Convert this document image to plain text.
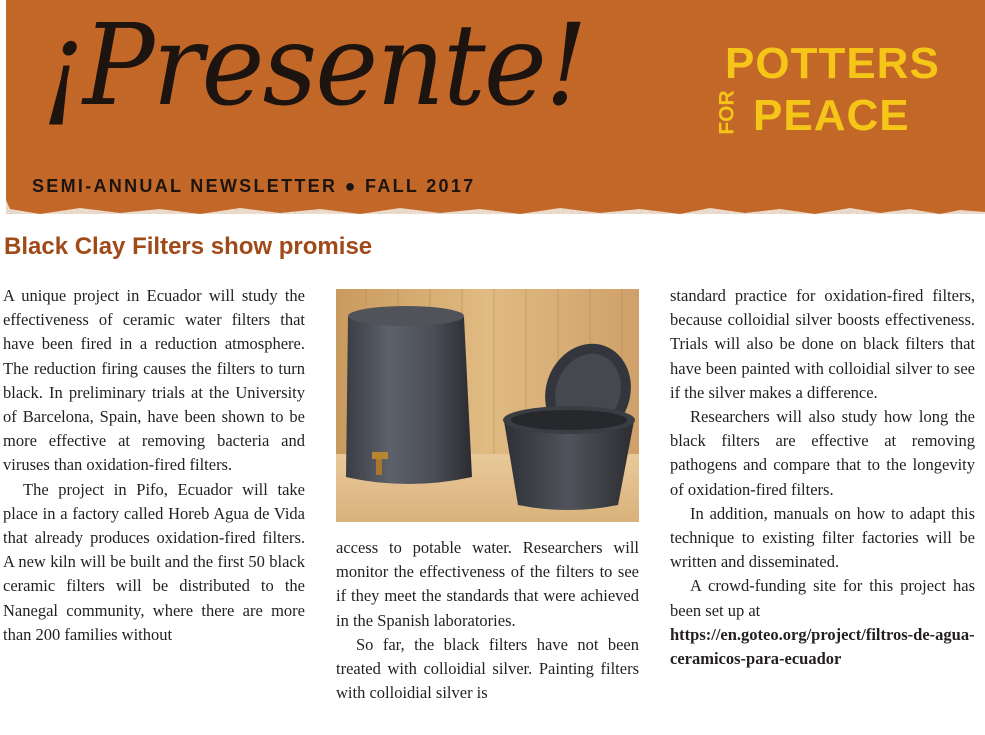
¡Presente!
SEMI-ANNUAL NEWSLETTER ● FALL 2017
POTTERS
FOR PEACE
Black Clay Filters show promise

A unique project in Ecuador will study the effectiveness of ceramic water filters that have been fired in a reduction atmosphere. The reduction firing causes the filters to turn black. In preliminary trials at the University of Barcelona, Spain, have been shown to be more effective at removing bacteria and viruses than oxidation-fired filters.

The project in Pifo, Ecuador will take place in a factory called Horeb Agua de Vida that already produces oxidation-fired filters. A new kiln will be built and the first 50 black ceramic filters will be distributed to the Nanegal community, where there are more than 200 families without

access to potable water. Researchers will monitor the effectiveness of the filters to see if they meet the standards that were achieved in the Spanish laboratories.

So far, the black filters have not been treated with colloidial silver. Painting filters with colloidial silver is

standard practice for oxidation-fired filters, because colloidial silver boosts effectiveness. Trials will also be done on black filters that have been painted with colloidial silver to see if the silver makes a difference.

Researchers will also study how long the black filters are effective at removing pathogens and compare that to the longevity of oxidation-fired filters.

In addition, manuals on how to adapt this technique to existing filter factories will be written and disseminated.

A crowd-funding site for this project has been set up at

https://en.goteo.org/project/filtros-de-agua-ceramicos-para-ecuador
